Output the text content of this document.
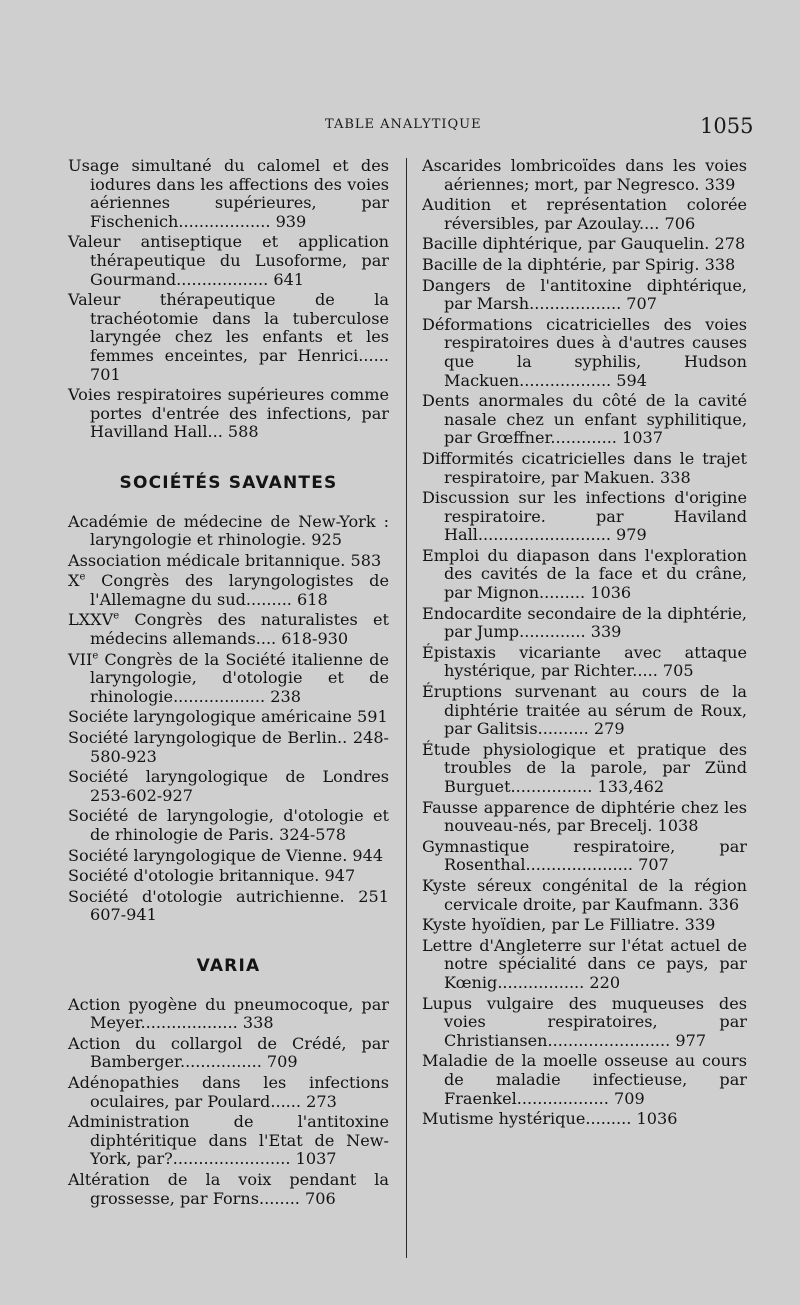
TABLE ANALYTIQUE	1055
Usage simultané du calomel et des iodures dans les affections des voies aériennes supérieures, par Fischenich.................. 939
Valeur antiseptique et application thérapeutique du Lusoforme, par Gourmand.................. 641
Valeur thérapeutique de la trachéotomie dans la tuberculose laryngée chez les enfants et les femmes enceintes, par Henrici...... 701
Voies respiratoires supérieures comme portes d'entrée des infections, par Havilland Hall... 588
SOCIÉTÉS SAVANTES
Académie de médecine de New-York : laryngologie et rhinologie. 925
Association médicale britannique. 583
Xe Congrès des laryngologistes de l'Allemagne du sud......... 618
LXXVe Congrès des naturalistes et médecins allemands.... 618-930
VIIe Congrès de la Société italienne de laryngologie, d'otologie et de rhinologie.................. 238
Sociéte laryngologique américaine 591
Société laryngologique de Berlin.. 248-580-923
Société laryngologique de Londres 253-602-927
Société de laryngologie, d'otologie et de rhinologie de Paris. 324-578
Société laryngologique de Vienne. 944
Société d'otologie britannique. 947
Société d'otologie autrichienne. 251 607-941
VARIA
Action pyogène du pneumocoque, par Meyer................... 338
Action du collargol de Crédé, par Bamberger................ 709
Adénopathies dans les infections oculaires, par Poulard...... 273
Administration de l'antitoxine diphtéritique dans l'Etat de New-York, par?....................... 1037
Altération de la voix pendant la grossesse, par Forns........ 706
Ascarides lombricoïdes dans les voies aériennes; mort, par Negresco. 339
Audition et représentation colorée réversibles, par Azoulay.... 706
Bacille diphtérique, par Gauquelin. 278
Bacille de la diphtérie, par Spirig. 338
Dangers de l'antitoxine diphtérique, par Marsh.................. 707
Déformations cicatricielles des voies respiratoires dues à d'autres causes que la syphilis, Hudson Mackuen.................. 594
Dents anormales du côté de la cavité nasale chez un enfant syphilitique, par Grœffner............. 1037
Difformités cicatricielles dans le trajet respiratoire, par Makuen. 338
Discussion sur les infections d'origine respiratoire. par Haviland Hall.......................... 979
Emploi du diapason dans l'exploration des cavités de la face et du crâne, par Mignon......... 1036
Endocardite secondaire de la diphtérie, par Jump............. 339
Épistaxis vicariante avec attaque hystérique, par Richter..... 705
Éruptions survenant au cours de la diphtérie traitée au sérum de Roux, par Galitsis.......... 279
Étude physiologique et pratique des troubles de la parole, par Zünd Burguet................ 133,462
Fausse apparence de diphtérie chez les nouveau-nés, par Brecelj. 1038
Gymnastique respiratoire, par Rosenthal..................... 707
Kyste séreux congénital de la région cervicale droite, par Kaufmann. 336
Kyste hyoïdien, par Le Filliatre. 339
Lettre d'Angleterre sur l'état actuel de notre spécialité dans ce pays, par Kœnig................. 220
Lupus vulgaire des muqueuses des voies respiratoires, par Christiansen........................ 977
Maladie de la moelle osseuse au cours de maladie infectieuse, par Fraenkel.................. 709
Mutisme hystérique......... 1036
